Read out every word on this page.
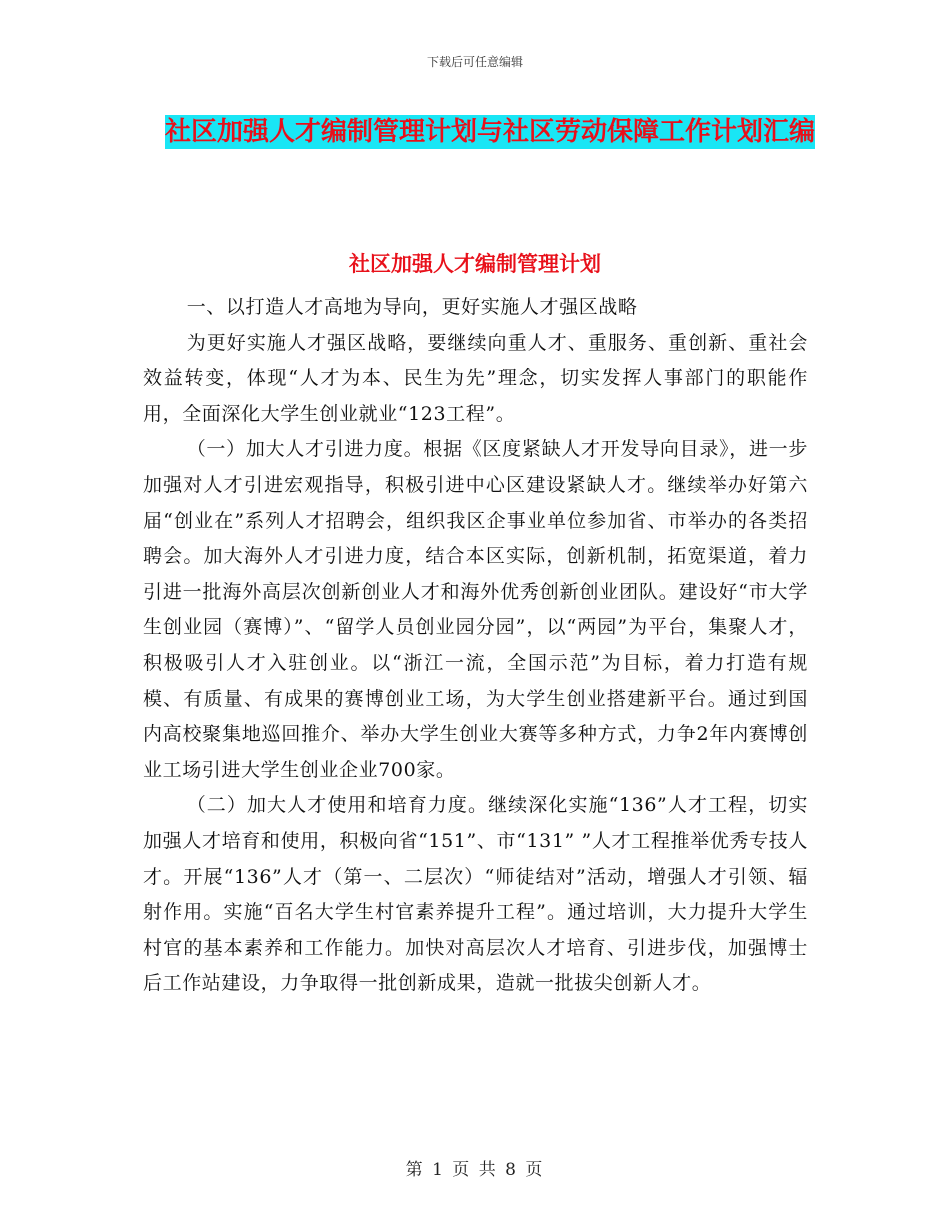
下载后可任意编辑
社区加强人才编制管理计划与社区劳动保障工作计划汇编
社区加强人才编制管理计划

一、以打造人才高地为导向，更好实施人才强区战略

为更好实施人才强区战略，要继续向重人才、重服务、重创新、重社会效益转变，体现“人才为本、民生为先”理念，切实发挥人事部门的职能作用，全面深化大学生创业就业“123工程”。

（一）加大人才引进力度。根据《区度紧缺人才开发导向目录》，进一步加强对人才引进宏观指导，积极引进中心区建设紧缺人才。继续举办好第六届“创业在”系列人才招聘会，组织我区企事业单位参加省、市举办的各类招聘会。加大海外人才引进力度，结合本区实际，创新机制，拓宽渠道，着力引进一批海外高层次创新创业人才和海外优秀创新创业团队。建设好“市大学生创业园（赛博）”、“留学人员创业园分园”，以“两园”为平台，集聚人才，积极吸引人才入驻创业。以“浙江一流，全国示范”为目标，着力打造有规模、有质量、有成果的赛博创业工场，为大学生创业搭建新平台。通过到国内高校聚集地巡回推介、举办大学生创业大赛等多种方式，力争2年内赛博创业工场引进大学生创业企业700家。

（二）加大人才使用和培育力度。继续深化实施“136”人才工程，切实加强人才培育和使用，积极向省“151”、市“131” ”人才工程推举优秀专技人才。开展“136”人才（第一、二层次）“师徒结对”活动，增强人才引领、辐射作用。实施“百名大学生村官素养提升工程”。通过培训，大力提升大学生村官的基本素养和工作能力。加快对高层次人才培育、引进步伐，加强博士后工作站建设，力争取得一批创新成果，造就一批拔尖创新人才。

第 1 页 共 8 页
